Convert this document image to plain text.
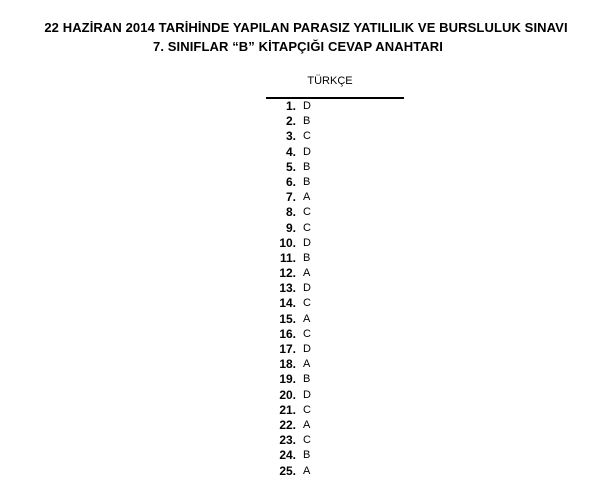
22 HAZİRAN 2014 TARİHİNDE YAPILAN PARASIZ YATILILIK VE BURSLULUK SINAVI
7. SINIFLAR “B” KİTAPÇIĞI CEVAP ANAHTARI
TÜRKÇE
1. D
2. B
3. C
4. D
5. B
6. B
7. A
8. C
9. C
10. D
11. B
12. A
13. D
14. C
15. A
16. C
17. D
18. A
19. B
20. D
21. C
22. A
23. C
24. B
25. A
